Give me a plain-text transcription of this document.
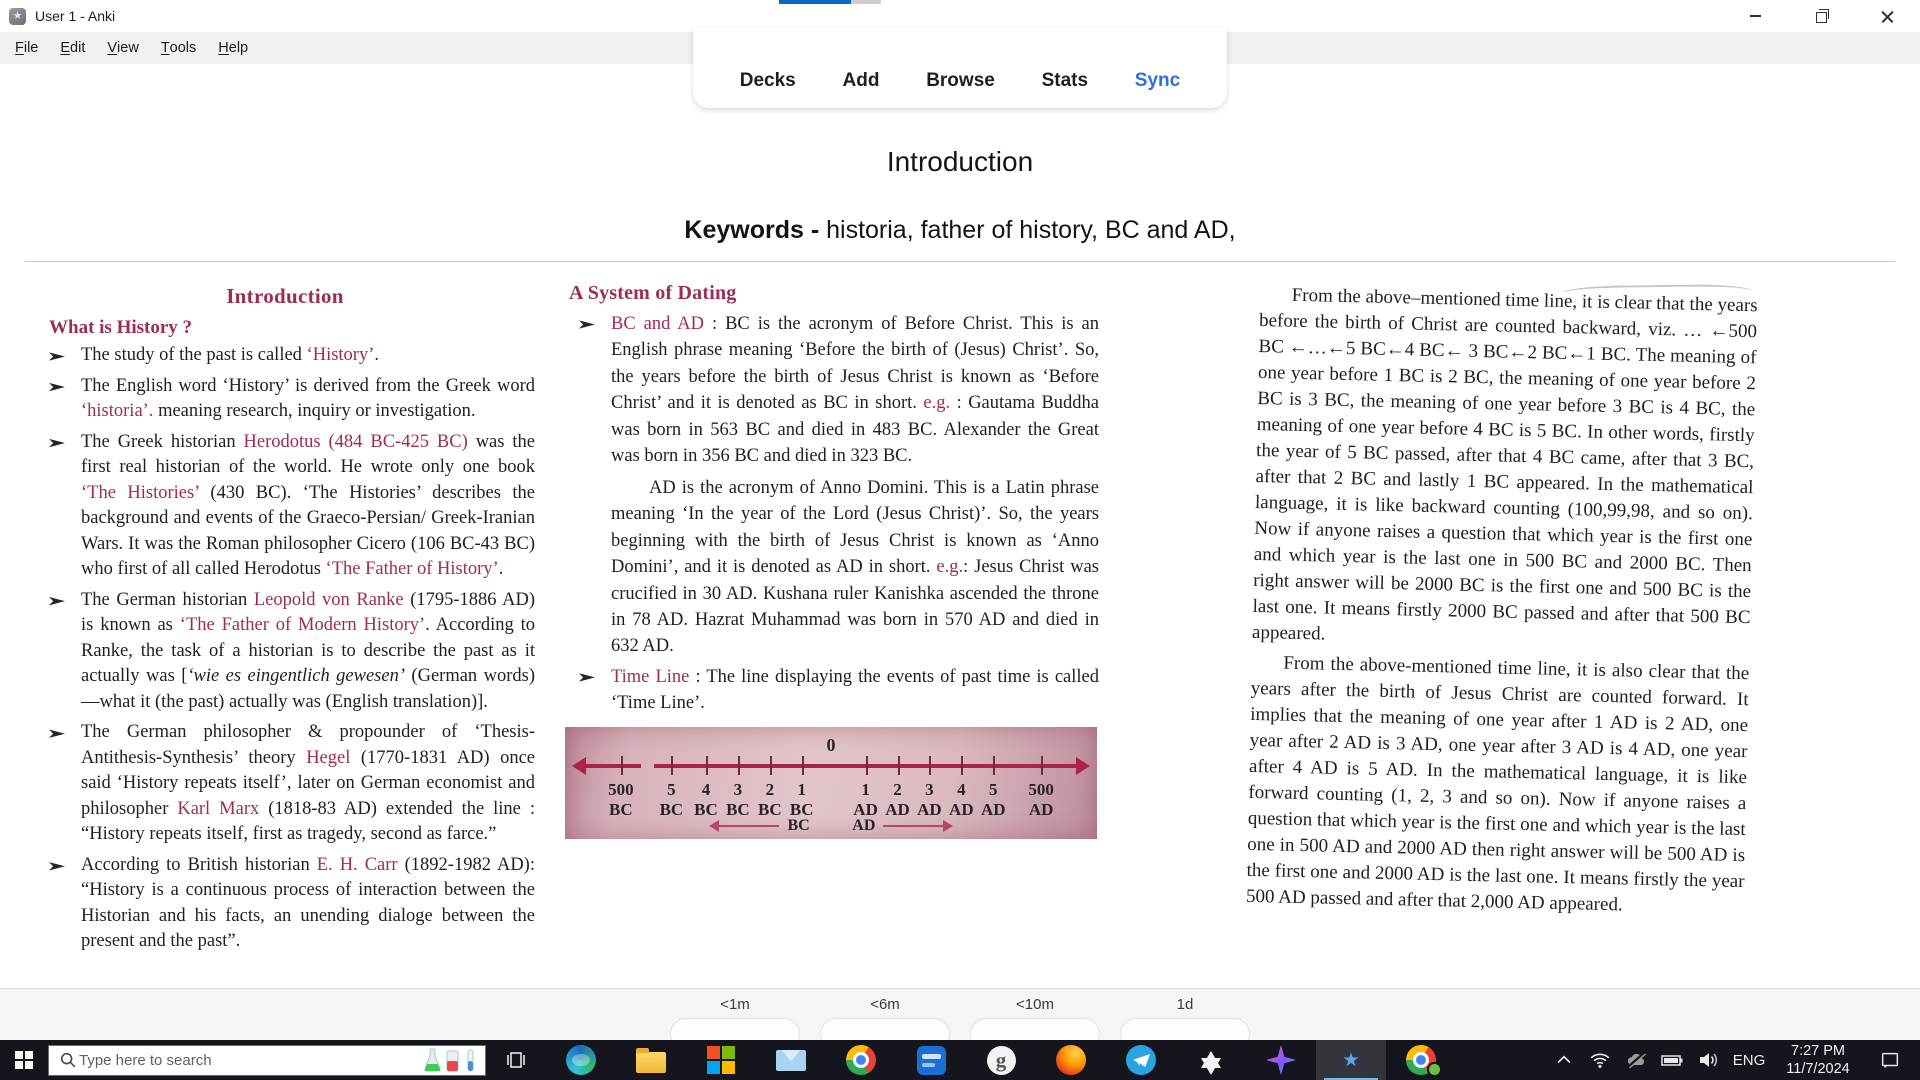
★ User 1 - Anki
F ile	E dit	V iew	T ools	H elp
Decks Add Browse Stats Sync
Introduction
Keywords - historia, father of history, BC and AD,
Introduction
What is History ?

The study of the past is called ‘History’.

The English word ‘History’ is derived from the Greek word ‘historia’. meaning research, inquiry or investigation.

The Greek historian Herodotus (484 BC-425 BC) was the first real historian of the world. He wrote only one book ‘The Histories’ (430 BC). ‘The Histories’ describes the background and events of the Graeco-Persian/ Greek-Iranian Wars. It was the Roman philosopher Cicero (106 BC-43 BC) who first of all called Herodotus ‘The Father of History’.

The German historian Leopold von Ranke (1795-1886 AD) is known as ‘The Father of Modern History’. According to Ranke, the task of a historian is to describe the past as it actually was [‘wie es eingentlich gewesen’ (German words)—what it (the past) actually was (English translation)].

The German philosopher & propounder of ‘Thesis-Antithesis-Synthesis’ theory Hegel (1770-1831 AD) once said ‘History repeats itself’, later on German economist and philosopher Karl Marx (1818-83 AD) extended the line : “History repeats itself, first as tragedy, second as farce.”

According to British historian E. H. Carr (1892-1982 AD): “History is a continuous process of interaction between the Historian and his facts, an unending dialoge between the present and the past”.

A System of Dating

BC and AD : BC is the acronym of Before Christ. This is an English phrase meaning ‘Before the birth of (Jesus) Christ’. So, the years before the birth of Jesus Christ is known as ‘Before Christ’ and it is denoted as BC in short. e.g. : Gautama Buddha was born in 563 BC and died in 483 BC. Alexander the Great was born in 356 BC and died in 323 BC.

AD is the acronym of Anno Domini. This is a Latin phrase meaning ‘In the year of the Lord (Jesus Christ)’. So, the years beginning with the birth of Jesus Christ is known as ‘Anno Domini’, and it is denoted as AD in short. e.g.: Jesus Christ was crucified in 30 AD. Kushana ruler Kanishka ascended the throne in 78 AD. Hazrat Muhammad was born in 570 AD and died in 632 AD.

Time Line : The line displaying the events of past time is called ‘Time Line’.

0
500
BC
5
BC
4
BC
3
BC
2
BC
1
BC
1
AD
2
AD
3
AD
4
AD
5
AD
500
AD
BC	AD

From the above–mentioned time line, it is clear that the years before the birth of Christ are counted backward, viz. … ←500 BC ←…←5 BC←4 BC← 3 BC←2 BC←1 BC. The meaning of one year before 1 BC is 2 BC, the meaning of one year before 2 BC is 3 BC, the meaning of one year before 3 BC is 4 BC, the meaning of one year before 4 BC is 5 BC. In other words, firstly the year of 5 BC passed, after that 4 BC came, after that 3 BC, after that 2 BC and lastly 1 BC appeared. In the mathematical language, it is like backward counting (100,99,98, and so on). Now if anyone raises a question that which year is the first one and which year is the last one in 500 BC and 2000 BC. Then right answer will be 2000 BC is the first one and 500 BC is the last one. It means firstly 2000 BC passed and after that 500 BC appeared.

From the above-mentioned time line, it is also clear that the years after the birth of Jesus Christ are counted forward. It implies that the meaning of one year after 1 AD is 2 AD, one year after 2 AD is 3 AD, one year after 3 AD is 4 AD, one year after 4 AD is 5 AD. In the mathematical language, it is like forward counting (1, 2, 3 and so on). Now if anyone raises a question that which year is the first one and which year is the last one in 500 AD and 2000 AD then right answer will be 500 AD is the first one and 2000 AD is the last one. It means firstly the year 500 AD passed and after that 2,000 AD appeared.

<1m	<6m	<10m	1d
Type here to search
g	★	ENG
7:27 PM
11/7/2024
